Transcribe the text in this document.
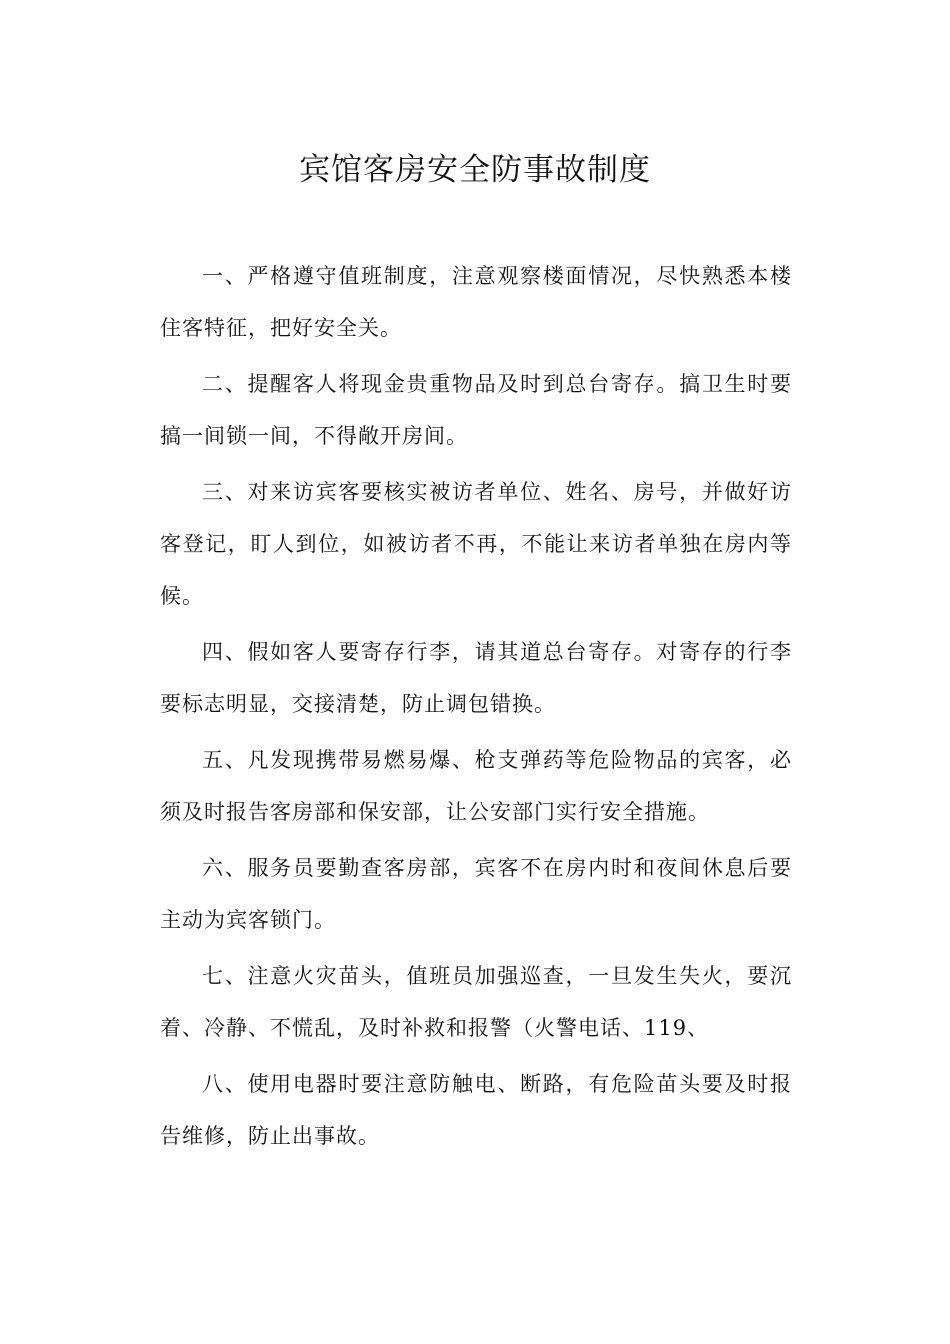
宾馆客房安全防事故制度

一、严格遵守值班制度，注意观察楼面情况，尽快熟悉本楼住客特征，把好安全关。

二、提醒客人将现金贵重物品及时到总台寄存。搞卫生时要搞一间锁一间，不得敞开房间。

三、对来访宾客要核实被访者单位、姓名、房号，并做好访客登记，盯人到位，如被访者不再，不能让来访者单独在房内等候。

四、假如客人要寄存行李，请其道总台寄存。对寄存的行李要标志明显，交接清楚，防止调包错换。

五、凡发现携带易燃易爆、枪支弹药等危险物品的宾客，必须及时报告客房部和保安部，让公安部门实行安全措施。

六、服务员要勤查客房部，宾客不在房内时和夜间休息后要主动为宾客锁门。

七、注意火灾苗头，值班员加强巡查，一旦发生失火，要沉着、冷静、不慌乱，及时补救和报警（火警电话、119、

八、使用电器时要注意防触电、断路，有危险苗头要及时报告维修，防止出事故。
